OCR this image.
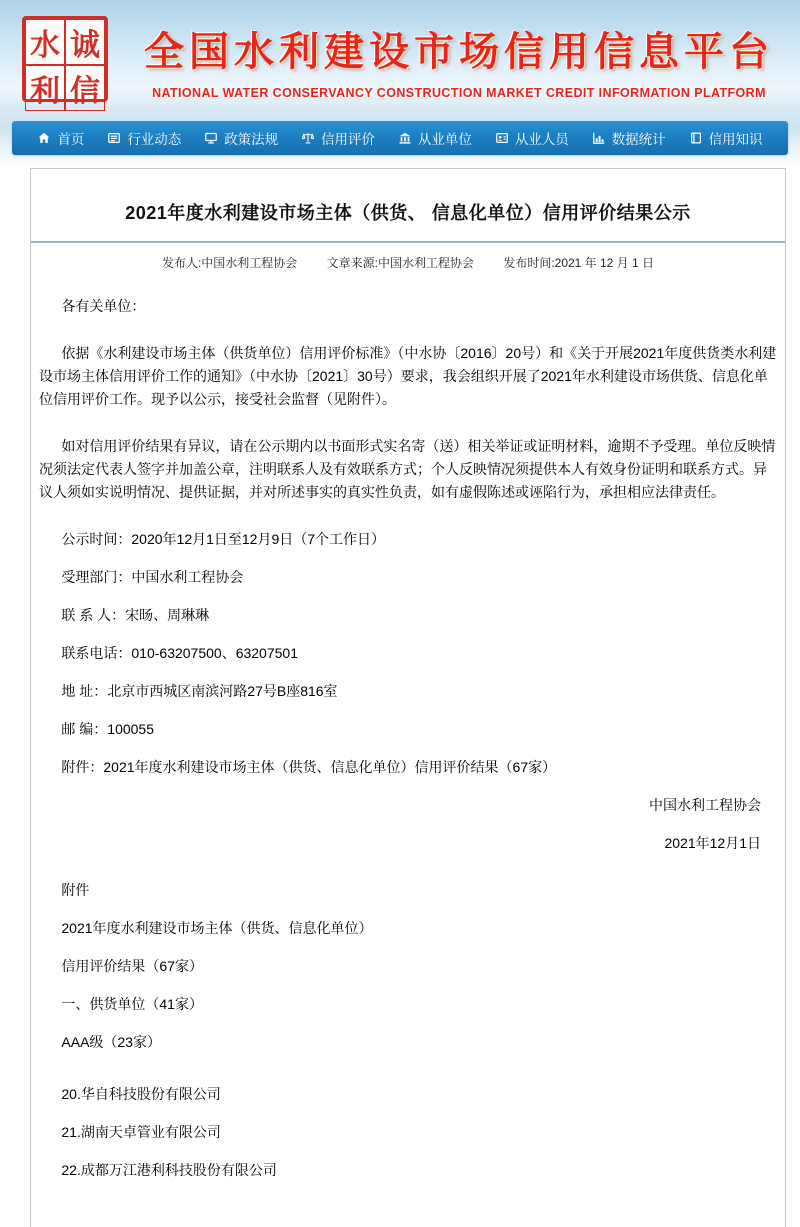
水 诚
利 信
全国水利建设市场信用信息平台
NATIONAL WATER CONSERVANCY CONSTRUCTION MARKET CREDIT INFORMATION PLATFORM
首页	行业动态	政策法规	信用评价	从业单位	从业人员	数据统计	信用知识
2021年度水利建设市场主体（供货、 信息化单位）信用评价结果公示
发布人:中国水利工程协会 文章来源:中国水利工程协会 发布时间:2021 年 12 月 1 日

各有关单位：

依据《水利建设市场主体（供货单位）信用评价标准》（中水协〔2016〕20号）和《关于开展2021年度供货类水利建设市场主体信用评价工作的通知》（中水协〔2021〕30号）要求，我会组织开展了2021年水利建设市场供货、信息化单位信用评价工作。现予以公示，接受社会监督（见附件）。

如对信用评价结果有异议，请在公示期内以书面形式实名寄（送）相关举证或证明材料，逾期不予受理。单位反映情况须法定代表人签字并加盖公章，注明联系人及有效联系方式；个人反映情况须提供本人有效身份证明和联系方式。异议人须如实说明情况、提供证据，并对所述事实的真实性负责，如有虚假陈述或诬陷行为，承担相应法律责任。

公示时间：2020年12月1日至12月9日（7个工作日）

受理部门：中国水利工程协会

联 系 人：宋旸、周琳琳

联系电话：010-63207500、63207501

地 址：北京市西城区南滨河路27号B座816室

邮 编：100055

附件：2021年度水利建设市场主体（供货、信息化单位）信用评价结果（67家）

中国水利工程协会

2021年12月1日

附件

2021年度水利建设市场主体（供货、信息化单位）

信用评价结果（67家）

一、供货单位（41家）

AAA级（23家）

20.华自科技股份有限公司

21.湖南天卓管业有限公司

22.成都万江港利科技股份有限公司
